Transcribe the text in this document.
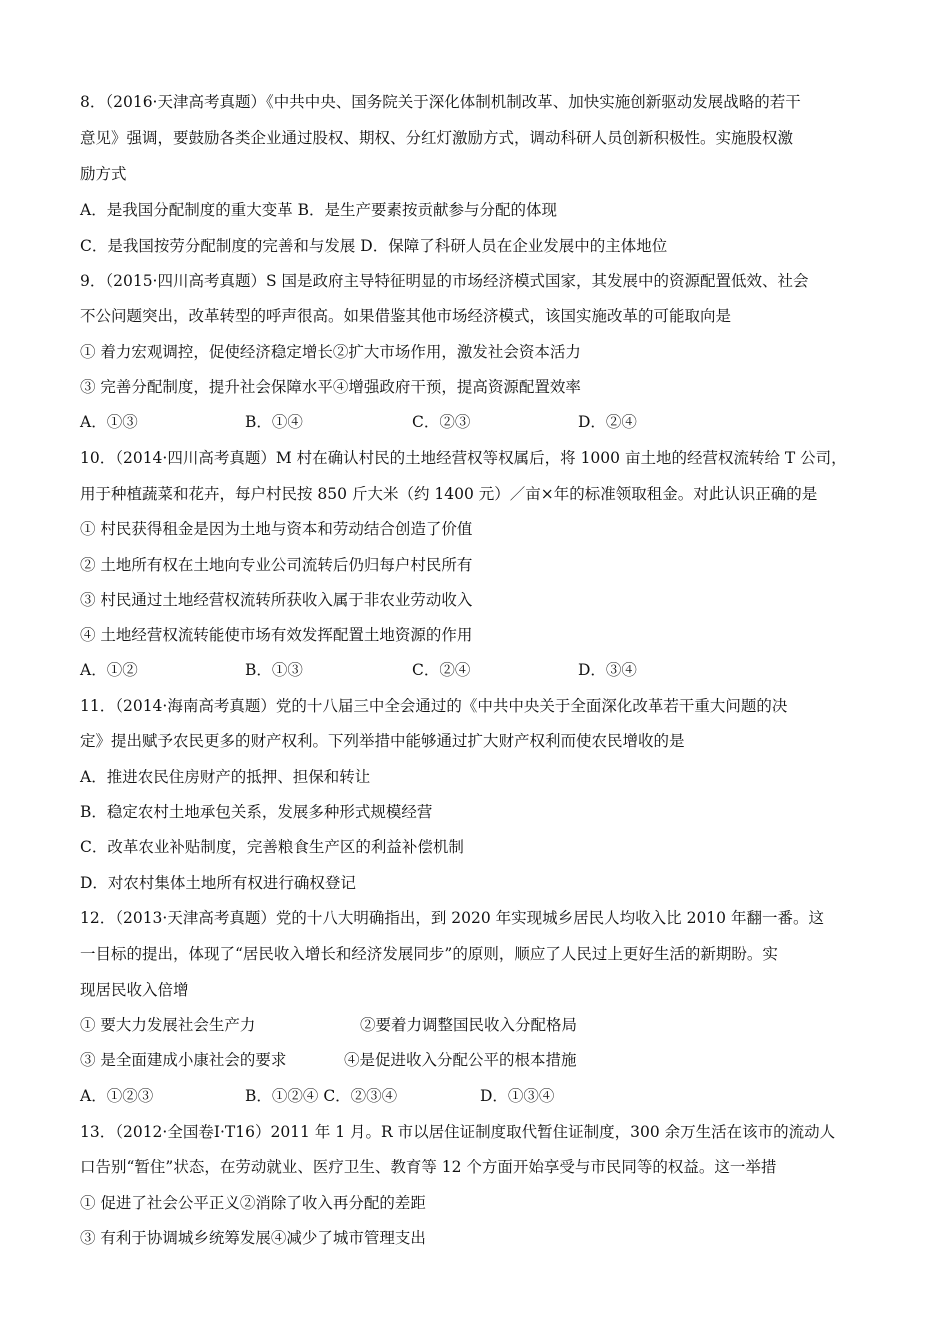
8．（2016·天津高考真题）《中共中央、国务院关于深化体制机制改革、加快实施创新驱动发展战略的若干
意见》强调，要鼓励各类企业通过股权、期权、分红灯激励方式，调动科研人员创新积极性。实施股权激
励方式
A．是我国分配制度的重大变革 B．是生产要素按贡献参与分配的体现
C．是我国按劳分配制度的完善和与发展 D．保障了科研人员在企业发展中的主体地位
9．（2015·四川高考真题）S 国是政府主导特征明显的市场经济模式国家，其发展中的资源配置低效、社会
不公问题突出，改革转型的呼声很高。如果借鉴其他市场经济模式，该国实施改革的可能取向是
① 着力宏观调控，促使经济稳定增长②扩大市场作用，激发社会资本活力
③ 完善分配制度，提升社会保障水平④增强政府干预，提高资源配置效率
A．①③	B．①④	C．②③	D．②④
10．（2014·四川高考真题）M 村在确认村民的土地经营权等权属后，将 1000 亩土地的经营权流转给 T 公司，
用于种植蔬菜和花卉，每户村民按 850 斤大米（约 1400 元）／亩×年的标准领取租金。对此认识正确的是
① 村民获得租金是因为土地与资本和劳动结合创造了价值
② 土地所有权在土地向专业公司流转后仍归每户村民所有
③ 村民通过土地经营权流转所获收入属于非农业劳动收入
④ 土地经营权流转能使市场有效发挥配置土地资源的作用
A．①②	B．①③	C．②④	D．③④
11．（2014·海南高考真题）党的十八届三中全会通过的《中共中央关于全面深化改革若干重大问题的决
定》提出赋予农民更多的财产权利。下列举措中能够通过扩大财产权利而使农民增收的是
A．推进农民住房财产的抵押、担保和转让
B．稳定农村土地承包关系，发展多种形式规模经营
C．改革农业补贴制度，完善粮食生产区的利益补偿机制
D．对农村集体土地所有权进行确权登记
12．（2013·天津高考真题）党的十八大明确指出，到 2020 年实现城乡居民人均收入比 2010 年翻一番。这
一目标的提出，体现了“居民收入增长和经济发展同步”的原则，顺应了人民过上更好生活的新期盼。实
现居民收入倍增
① 要大力发展社会生产力	②要着力调整国民收入分配格局
③ 是全面建成小康社会的要求	④是促进收入分配公平的根本措施
A．①②③	B．①②④ C．②③④	D．①③④
13．（2012·全国卷Ⅰ·T16）2011 年 1 月。R 市以居住证制度取代暂住证制度，300 余万生活在该市的流动人
口告别“暂住”状态，在劳动就业、医疗卫生、教育等 12 个方面开始享受与市民同等的权益。这一举措
① 促进了社会公平正义②消除了收入再分配的差距
③ 有利于协调城乡统筹发展④减少了城市管理支出
